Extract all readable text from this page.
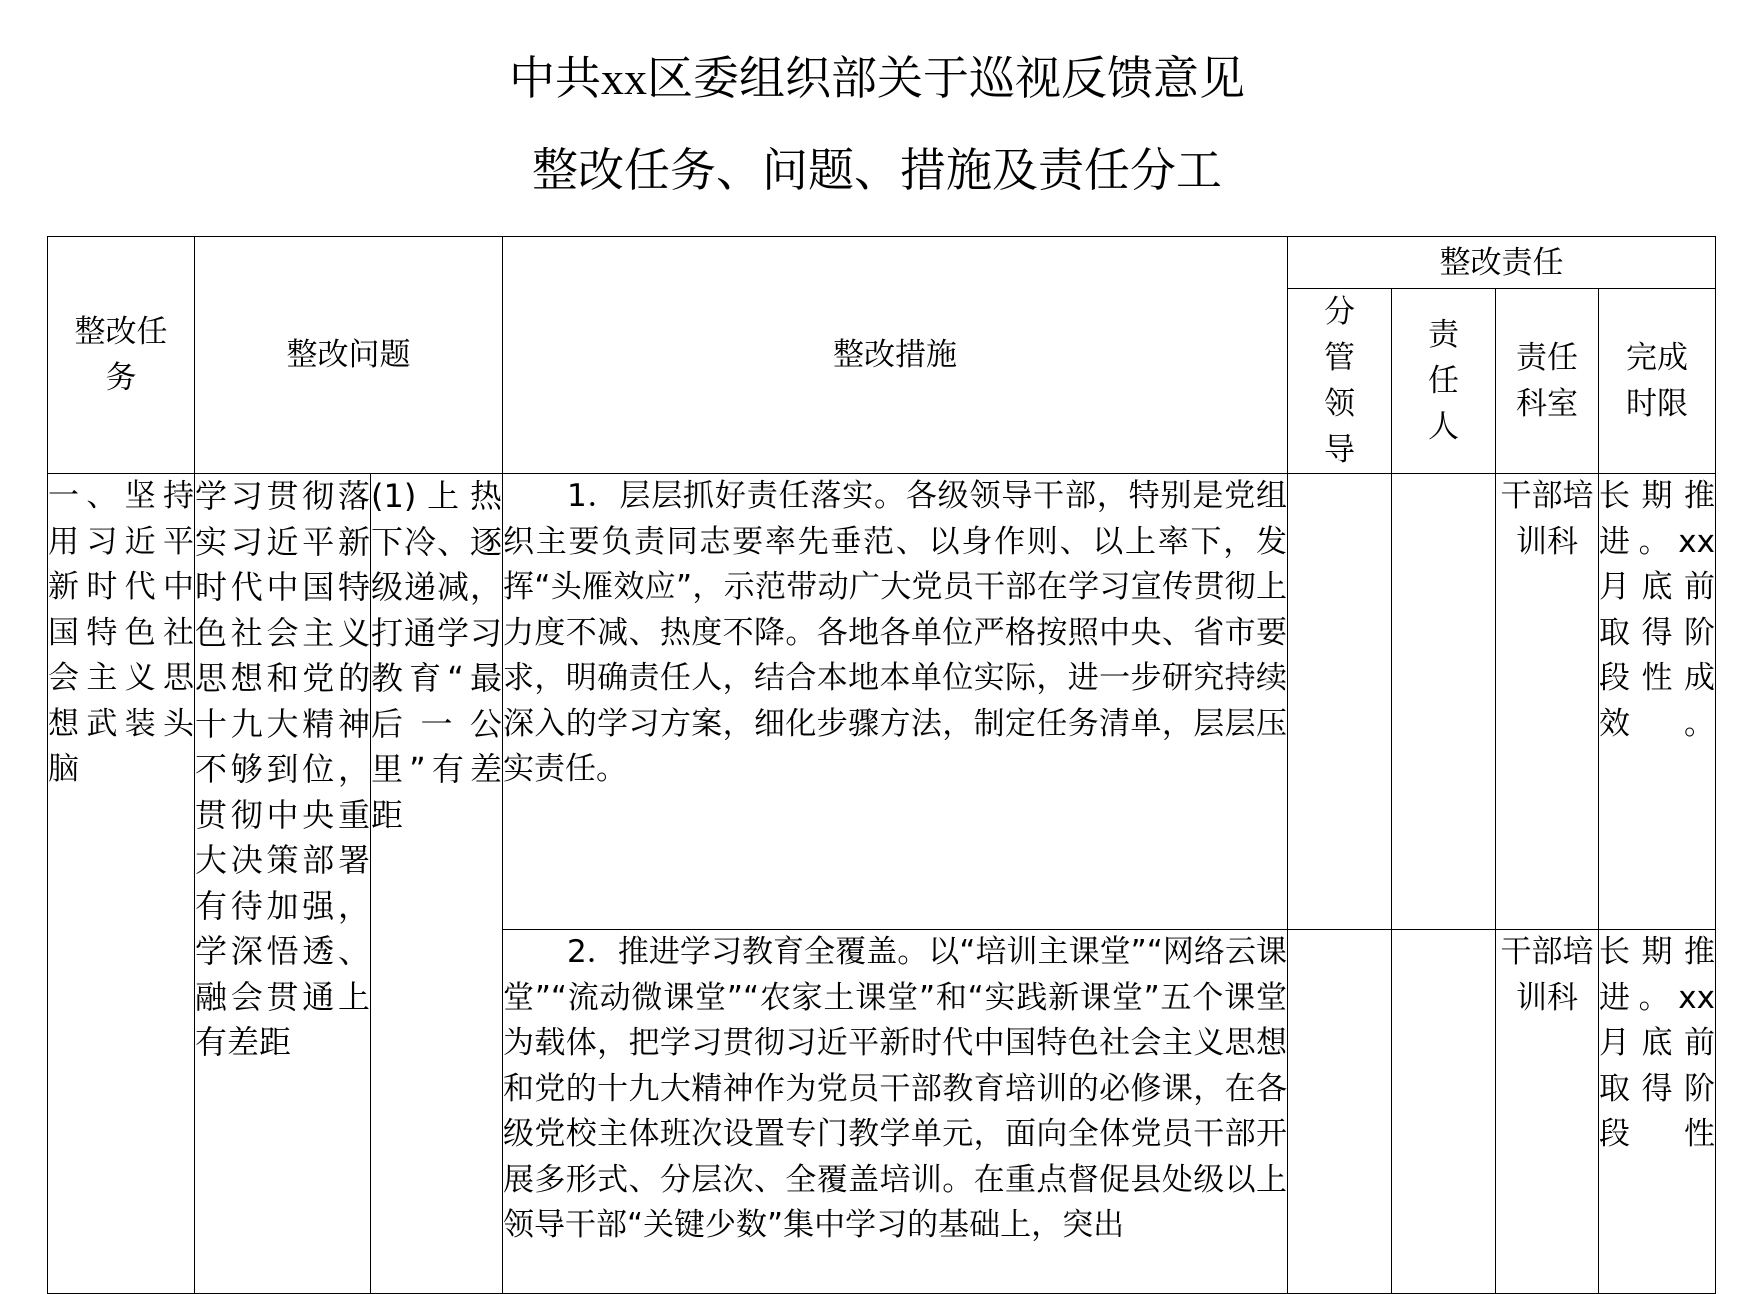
中共xx区委组织部关于巡视反馈意见
整改任务、问题、措施及责任分工
整改任务	整改问题		整改措施	整改责任			
				分管领导	责任人	责任科室	完成时限
一、坚持用习近平新时代中国特色社会主义思想武装头脑	学习贯彻落实习近平新时代中国特色社会主义思想和党的十九大精神不够到位，贯彻中央重大决策部署有待加强，学深悟透、融会贯通上有差距	(1)上热下冷、逐级递减，打通学习教育“最后一公里”有差距	1．层层抓好责任落实。各级领导干部，特别是党组织主要负责同志要率先垂范、以身作则、以上率下，发挥“头雁效应”，示范带动广大党员干部在学习宣传贯彻上力度不减、热度不降。各地各单位严格按照中央、省市要求，明确责任人，结合本地本单位实际，进一步研究持续深入的学习方案，细化步骤方法，制定任务清单，层层压实责任。			干部培训科	长期推进。xx月底前取得阶段性成效。

			2．推进学习教育全覆盖。以“培训主课堂”“网络云课堂”“流动微课堂”“农家土课堂”和“实践新课堂”五个课堂为载体，把学习贯彻习近平新时代中国特色社会主义思想和党的十九大精神作为党员干部教育培训的必修课，在各级党校主体班次设置专门教学单元，面向全体党员干部开展多形式、分层次、全覆盖培训。在重点督促县处级以上领导干部“关键少数”集中学习的基础上，突出			干部培训科	长期推进。xx月底前取得阶段性
